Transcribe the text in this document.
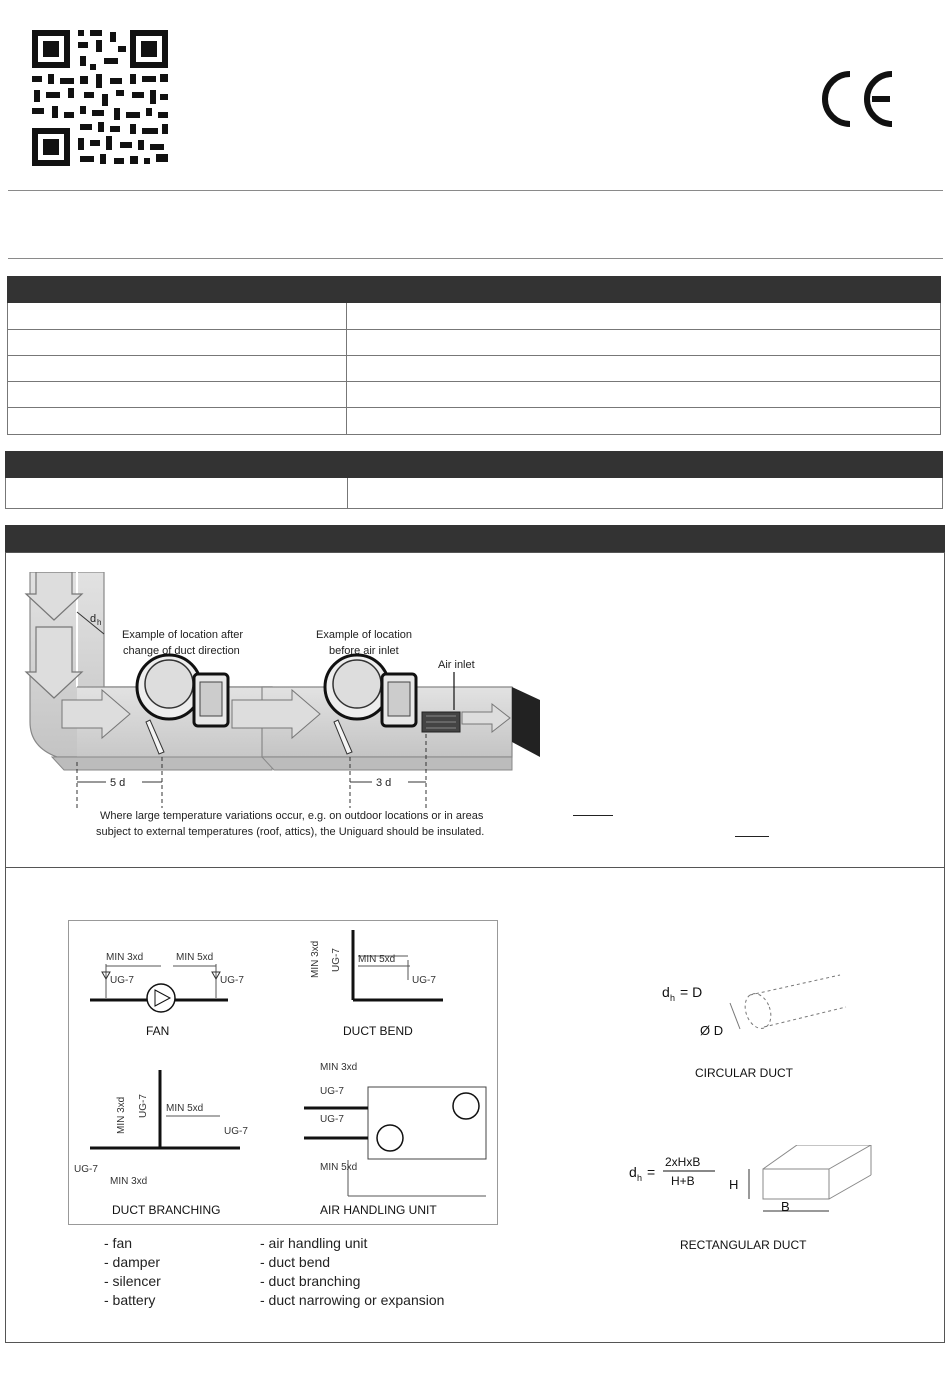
d h
Example of location after
change of duct direction
Example of location
before air inlet
Air inlet
5 d	3 d
Where large temperature variations occur, e.g. on outdoor locations or in areas
subject to external temperatures (roof, attics), the Uniguard should be insulated.
MIN 3xd	MIN 5xd
UG-7	UG-7
FAN
MIN 5xd
MIN 3xd UG-7
UG-7
DUCT BEND
MIN 5xd
MIN 3xd UG-7
UG-7
UG-7
MIN 3xd
DUCT BRANCHING
MIN 3xd
UG-7
UG-7
MIN 5xd
AIR HANDLING UNIT
- fan
- damper
- silencer
- battery
- air handling unit
- duct bend
- duct branching
- duct narrowing or expansion
d h = D
Ø D
CIRCULAR DUCT
d h =
2xHxB
H+B	H
B
RECTANGULAR DUCT
